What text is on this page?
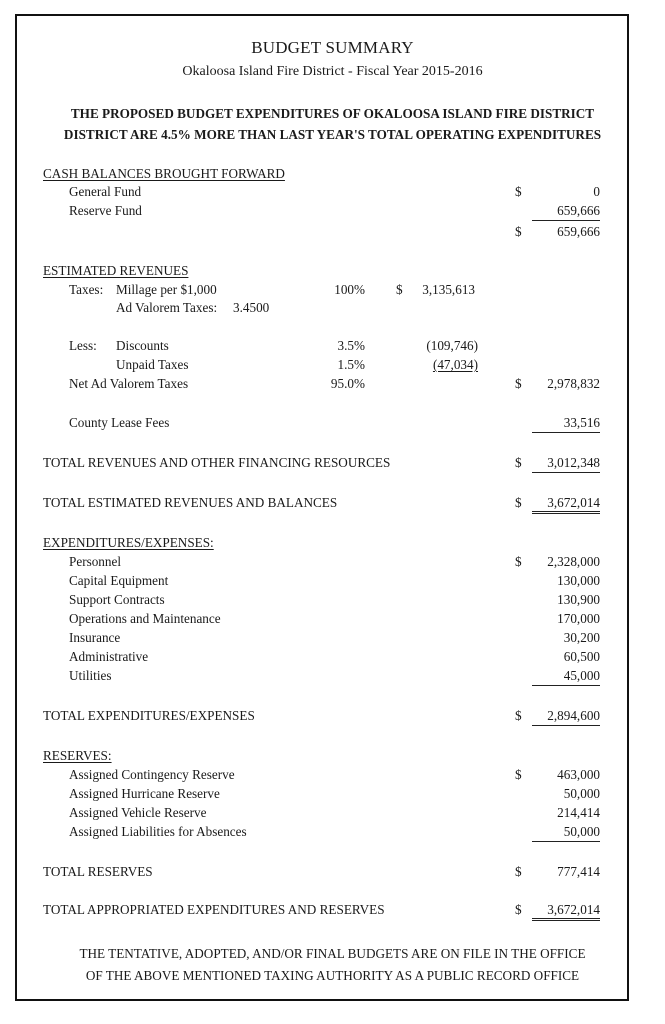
BUDGET SUMMARY
Okaloosa Island Fire District - Fiscal Year 2015-2016
THE PROPOSED BUDGET EXPENDITURES OF OKALOOSA ISLAND FIRE DISTRICT
DISTRICT ARE 4.5% MORE THAN LAST YEAR'S TOTAL OPERATING EXPENDITURES
CASH BALANCES BROUGHT FORWARD
General Fund	$	0
Reserve Fund	659,666
$	659,666
ESTIMATED REVENUES
Taxes: Millage per $1,000	100% $ 3,135,613
Ad Valorem Taxes: 3.4500
Less: Discounts	3.5%	(109,746)
Unpaid Taxes	1.5%	(47,034)
Net Ad Valorem Taxes	95.0%	$ 2,978,832
County Lease Fees	33,516
TOTAL REVENUES AND OTHER FINANCING RESOURCES	$	3,012,348
TOTAL ESTIMATED REVENUES AND BALANCES	$	3,672,014
EXPENDITURES/EXPENSES:
Personnel	$ 2,328,000
Capital Equipment	130,000
Support Contracts	130,900
Operations and Maintenance	170,000
Insurance	30,200
Administrative	60,500
Utilities	45,000
TOTAL EXPENDITURES/EXPENSES	$	2,894,600
RESERVES:
Assigned Contingency Reserve	$	463,000
Assigned Hurricane Reserve	50,000
Assigned Vehicle Reserve	214,414
Assigned Liabilities for Absences	50,000
TOTAL RESERVES	$	777,414
TOTAL APPROPRIATED EXPENDITURES AND RESERVES	$	3,672,014
THE TENTATIVE, ADOPTED, AND/OR FINAL BUDGETS ARE ON FILE IN THE OFFICE
OF THE ABOVE MENTIONED TAXING AUTHORITY AS A PUBLIC RECORD OFFICE
